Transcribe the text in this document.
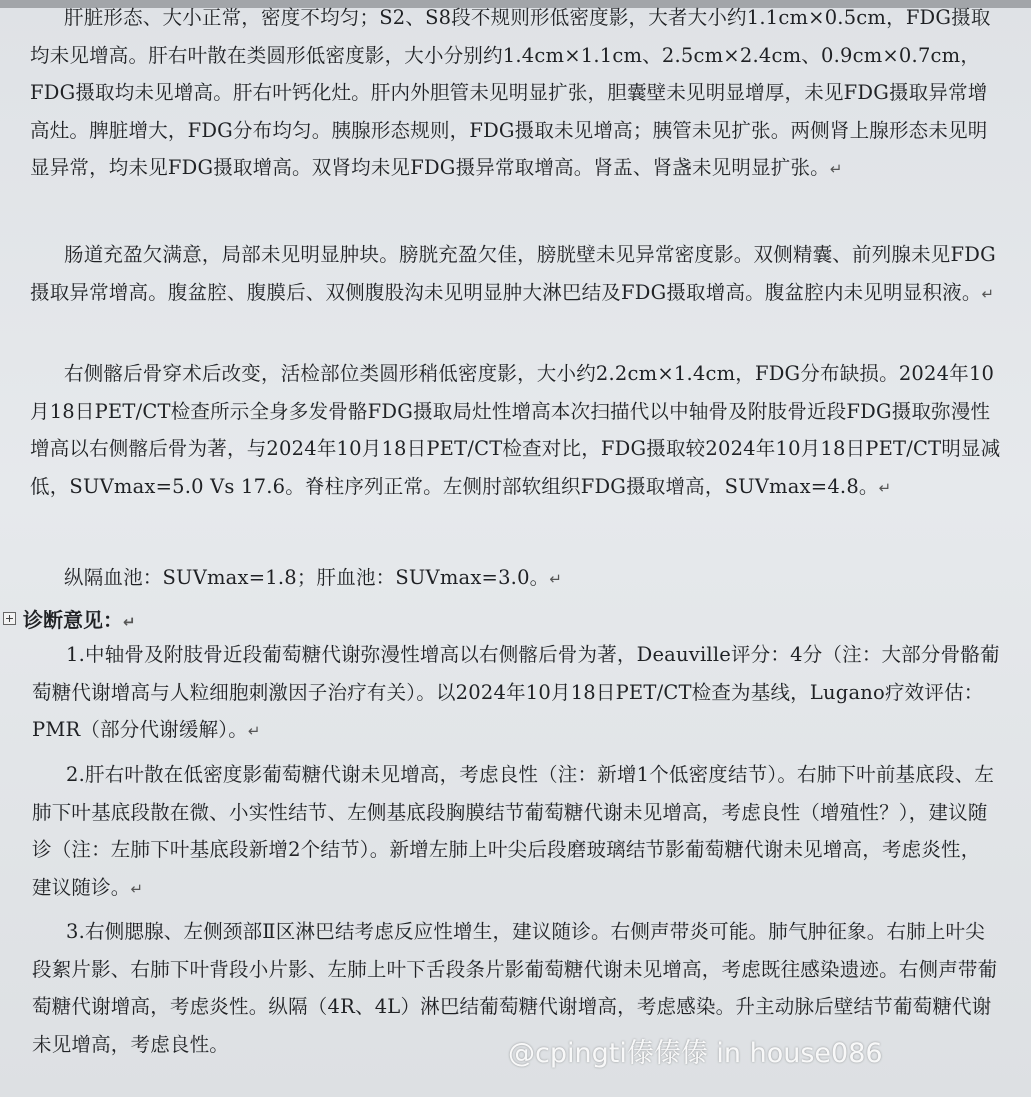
肝脏形态、大小正常，密度不均匀；S2、S8段不规则形低密度影，大者大小约1.1cm×0.5cm，FDG摄取均未见增高。肝右叶散在类圆形低密度影，大小分别约1.4cm×1.1cm、2.5cm×2.4cm、0.9cm×0.7cm，FDG摄取均未见增高。肝右叶钙化灶。肝内外胆管未见明显扩张，胆囊壁未见明显增厚，未见FDG摄取异常增高灶。脾脏增大，FDG分布均匀。胰腺形态规则，FDG摄取未见增高；胰管未见扩张。两侧肾上腺形态未见明显异常，均未见FDG摄取增高。双肾均未见FDG摄异常取增高。肾盂、肾盏未见明显扩张。↵

肠道充盈欠满意，局部未见明显肿块。膀胱充盈欠佳，膀胱壁未见异常密度影。双侧精囊、前列腺未见FDG摄取异常增高。腹盆腔、腹膜后、双侧腹股沟未见明显肿大淋巴结及FDG摄取增高。腹盆腔内未见明显积液。↵

右侧髂后骨穿术后改变，活检部位类圆形稍低密度影，大小约2.2cm×1.4cm，FDG分布缺损。2024年10月18日PET/CT检查所示全身多发骨骼FDG摄取局灶性增高本次扫描代以中轴骨及附肢骨近段FDG摄取弥漫性增高以右侧髂后骨为著，与2024年10月18日PET/CT检查对比，FDG摄取较2024年10月18日PET/CT明显减低，SUVmax=5.0 Vs 17.6。脊柱序列正常。左侧肘部软组织FDG摄取增高，SUVmax=4.8。↵

纵隔血池：SUVmax=1.8；肝血池：SUVmax=3.0。↵

诊断意见：↵

1.中轴骨及附肢骨近段葡萄糖代谢弥漫性增高以右侧髂后骨为著，Deauville评分：4分（注：大部分骨骼葡萄糖代谢增高与人粒细胞刺激因子治疗有关）。以2024年10月18日PET/CT检查为基线，Lugano疗效评估：PMR（部分代谢缓解）。↵

2.肝右叶散在低密度影葡萄糖代谢未见增高，考虑良性（注：新增1个低密度结节）。右肺下叶前基底段、左肺下叶基底段散在微、小实性结节、左侧基底段胸膜结节葡萄糖代谢未见增高，考虑良性（增殖性？），建议随诊（注：左肺下叶基底段新增2个结节）。新增左肺上叶尖后段磨玻璃结节影葡萄糖代谢未见增高，考虑炎性，建议随诊。↵

3.右侧腮腺、左侧颈部Ⅱ区淋巴结考虑反应性增生，建议随诊。右侧声带炎可能。肺气肿征象。右肺上叶尖段絮片影、右肺下叶背段小片影、左肺上叶下舌段条片影葡萄糖代谢未见增高，考虑既往感染遗迹。右侧声带葡萄糖代谢增高，考虑炎性。纵隔（4R、4L）淋巴结葡萄糖代谢增高，考虑感染。升主动脉后壁结节葡萄糖代谢未见增高，考虑良性。	@cpingti傣傣傣 in house086
